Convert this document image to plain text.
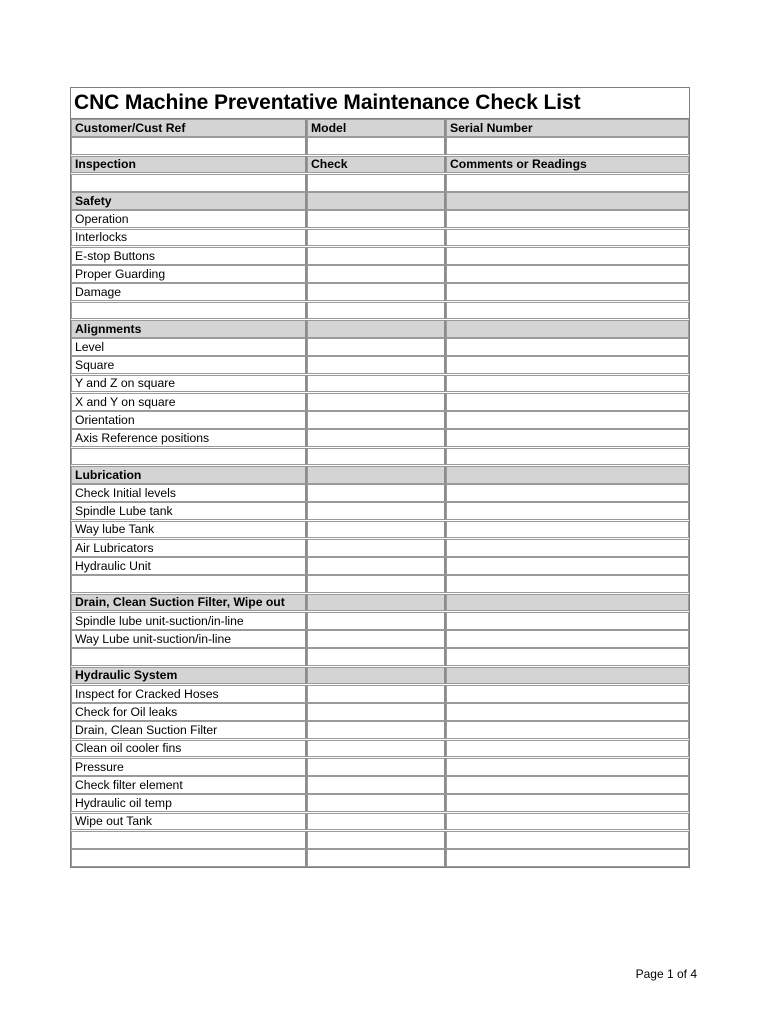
CNC Machine Preventative Maintenance Check List
Customer/Cust Ref	Model	Serial Number
Inspection	Check	Comments or Readings
Safety
Operation
Interlocks
E-stop Buttons
Proper Guarding
Damage
Alignments
Level
Square
Y and Z on square
X and Y on square
Orientation
Axis Reference positions
Lubrication
Check Initial levels
Spindle Lube tank
Way lube Tank
Air Lubricators
Hydraulic Unit
Drain, Clean Suction Filter, Wipe out
Spindle lube unit-suction/in-line
Way Lube unit-suction/in-line
Hydraulic System
Inspect for Cracked Hoses
Check for Oil leaks
Drain, Clean Suction Filter
Clean oil cooler fins
Pressure
Check filter element
Hydraulic oil temp
Wipe out Tank
Page 1 of 4
